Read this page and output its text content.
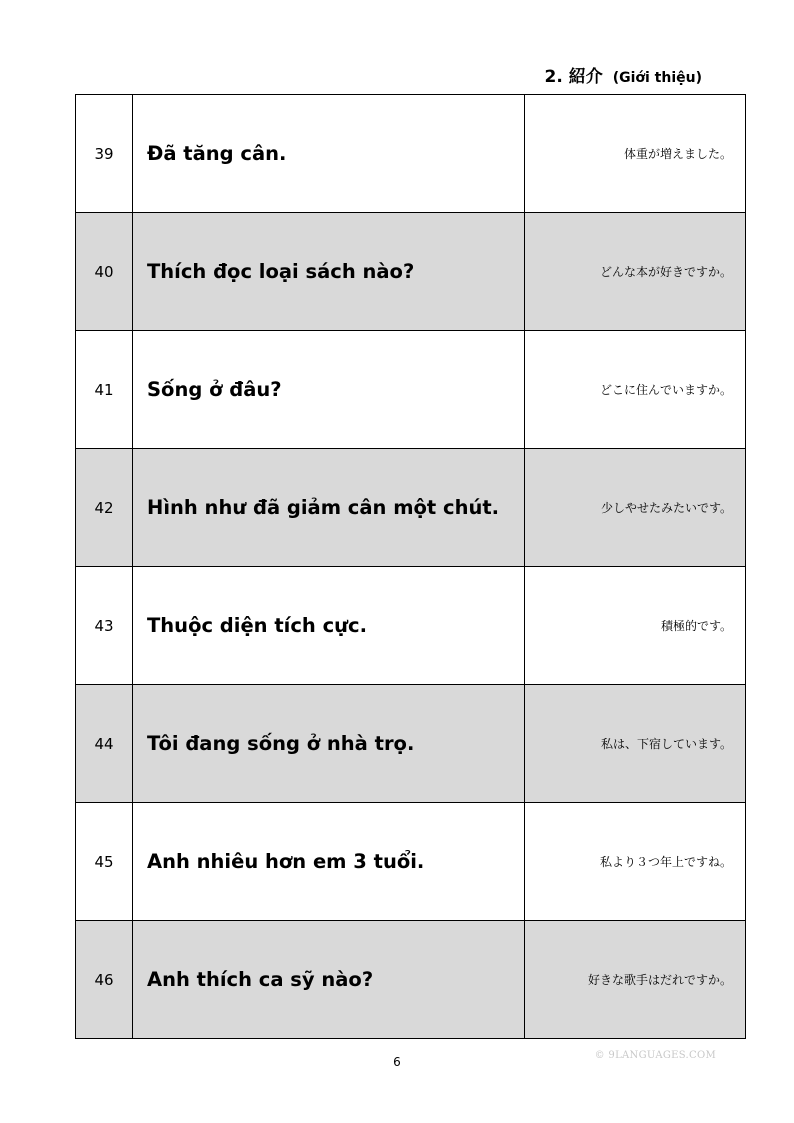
2. 紹介 (Giới thiệu)
39	Đã tăng cân.	体重が増えました。
40	Thích đọc loại sách nào?	どんな本が好きですか。
41	Sống ở đâu?	どこに住んでいますか。
42	Hình như đã giảm cân một chút.	少しやせたみたいです。
43	Thuộc diện tích cực.	積極的です。
44	Tôi đang sống ở nhà trọ.	私は、下宿しています。
45	Anh nhiêu hơn em 3 tuổi.	私より３つ年上ですね。
46	Anh thích ca sỹ nào?	好きな歌手はだれですか。
6	© 9LANGUAGES.COM
